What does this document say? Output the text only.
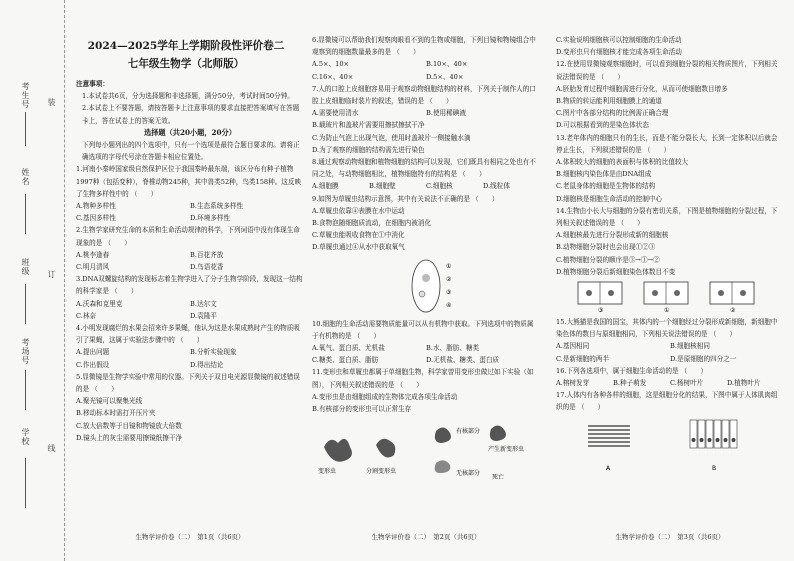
考生号
姓名
班级
考场号
学校
装
订
线
2024—2025学年上学期阶段性评价卷二
七年级生物学（北师版）

注意事项：

1.本试卷共6页，分为选择题和非选择题，满分50分，考试时间50分钟。

2.本试卷上不要答题，请按答题卡上注意事项的要求直接把答案填写在答题卡上，答在试卷上的答案无效。

选择题（共20小题，20分）

下列每小题列出的四个选项中，只有一个选项是最符合题目要求的。请将正确选项的字母代号涂在答题卡相应位置处。

1.河南小秦岭国家级自然保护区位于我国秦岭最东端，该区分布有种子植物1997种（包括变种），脊椎动物245种，其中兽类52种，鸟类158种。这反映了生物多样性中的 （　　）

A.物种多样性	B.生态系统多样性
C.基因多样性	D.环境多样性

2.生物学家研究生命的本质和生命活动规律的科学，下列词语中没有体现生命现象的是 （　　）

A.桃李逢春	B.百花齐放
C.明月清风	D.鸟语花香

3.DNA双螺旋结构的发现标志着生物学进入了分子生物学阶段，发现这一结构的科学家是 （　　）

A.沃森和克里克	B.达尔文
C.林奈	D.袁隆平

4.小明发现腐烂的水果会招来许多果蝇，他认为这是水果成熟时产生的物质吸引了果蝇，这属于实验法步骤中的 （　　）

A.提出问题	B.分析实验现象
C.作出假设	D.得出结论

5.显微镜是生物学实验中常用的仪器。下列关于双目电光源显微镜的叙述错误的是 （　　）

A.聚光镜可以聚集光线
B.移动标本时需打开压片夹
C.放大倍数等于目镜和物镜放大倍数
D.镜头上的灰尘需要用擦镜纸擦干净

6.显微镜可以帮助我们观察肉眼看不到的生物或细胞，下列目镜和物镜组合中观察到的细胞数量最多的是 （　　）

A.5×、10×	B.10×、40×
C.16×、40×	D.5×、40×

7.人的口腔上皮细胞容易用于观察动物细胞结构的材料，下列关于制作人的口腔上皮细胞临时装片的叙述，错误的是 （　　）

A.需要使用清水	B.使用稀碘液
B.载玻片和盖玻片需要用擦拭擦拭干净
C.为防止气泡上出现气泡，使用时盖玻片一侧接触水滴
D.为了观察的细胞的结构需先进行染色

8.通过观察动物细胞和植物细胞的结构可以发现，它们既具有相同之处也有不同之处，与动物细胞相比，植物细胞特有的结构是 （　　）

A.细胞膜	B.细胞壁	C.细胞核	D.线粒体

9.如图为草履虫结构示意图，其中有关说法不正确的是 （　　）

A.草履虫依靠④表膜在水中运动
B.食物泡随细胞质流动，在细胞内被消化
C.草履虫能吸收食物在①中消化
D.草履虫通过④从水中获取氧气
①
②
③
④

10.细胞的生命活动需要物质能量可以从有机物中获取。下列选项中的物质属于有机物的是 （　　）

A.氧气、蛋白质、尤机盐	B.水、脂肪、糖类
C.糖类、蛋白质、脂肪	D.无机盐、糖类、蛋白质

11.变形虫和草履虫都属于单细胞生物，科学家曾用变形虫做过如下实验（如图），下列相关叙述错误的是 （　　）

A.变形虫是由细胞组成的生物体完成各项生命活动
B.有核部分的变形虫可以正常生存
变形虫	分割变形虫
有核部分
无核部分
产生新变形虫
死亡
C.实验说明细胞核可以控制细胞的生命活动
D.变形虫只有细胞核才能完成各项生命活动

12.在使用显微镜观察细胞时，可以看到细胞分裂的相关物质图片，下列相关说法错误的是 （　　）

A.胚胎发育过程中细胞需进行分化，从而可使细胞数目增多
B.物质的转运能利用细胞膜上的通道
C.图片中各部分结构的比例需正确合理
D.可以根据看到的是染色体状态

13.老年体内的细胞只有的生长，而是不能分裂长大，长到一定体积以后就会停止生长，下列叙述错误的是 （　　）

A.体积较大的细胞的表面积与体积的比值较大
B.细胞核内染色体是由DNA组成
C.老鼠身体的细胞是生物体的结构
D.细胞核是细胞生命活动的控制中心

14.生物由小长大与细胞的分裂有密切关系，下图是植物细胞的分裂过程，下列相关叙述错误的是 （　　）

A.细胞核最先进行分裂形成新的细胞核
B.动物细胞分裂时也会出现①②③
C.植物细胞分裂的顺序是③→①→②
D.植物细胞分裂后新细胞染色体数目不变
③	①	②

15.大熊猫是我国的国宝，其体内的一个细胞经过分裂形成新细胞，新细胞中染色体的数目与原细胞相同，下列相关说法错误的是 （　　）

A.基因相同	B.细胞核相同
C.是新细胞的两半	D.是原细胞的四分之一

16.下列各选项中，属于细胞生命活动的是 （　　）

A.榕树发芽	B.种子萌发	C.杨树叶片	D.植物叶片

17.人体内有各种各样的细胞，这是细胞分化的结果，下图中属于人体肌肉组织的是 （　　）

A	B
生物学评价卷（二）　第1页（共6页）	生物学评价卷（二）　第2页（共6页）	生物学评价卷（二）　第3页（共6页）
